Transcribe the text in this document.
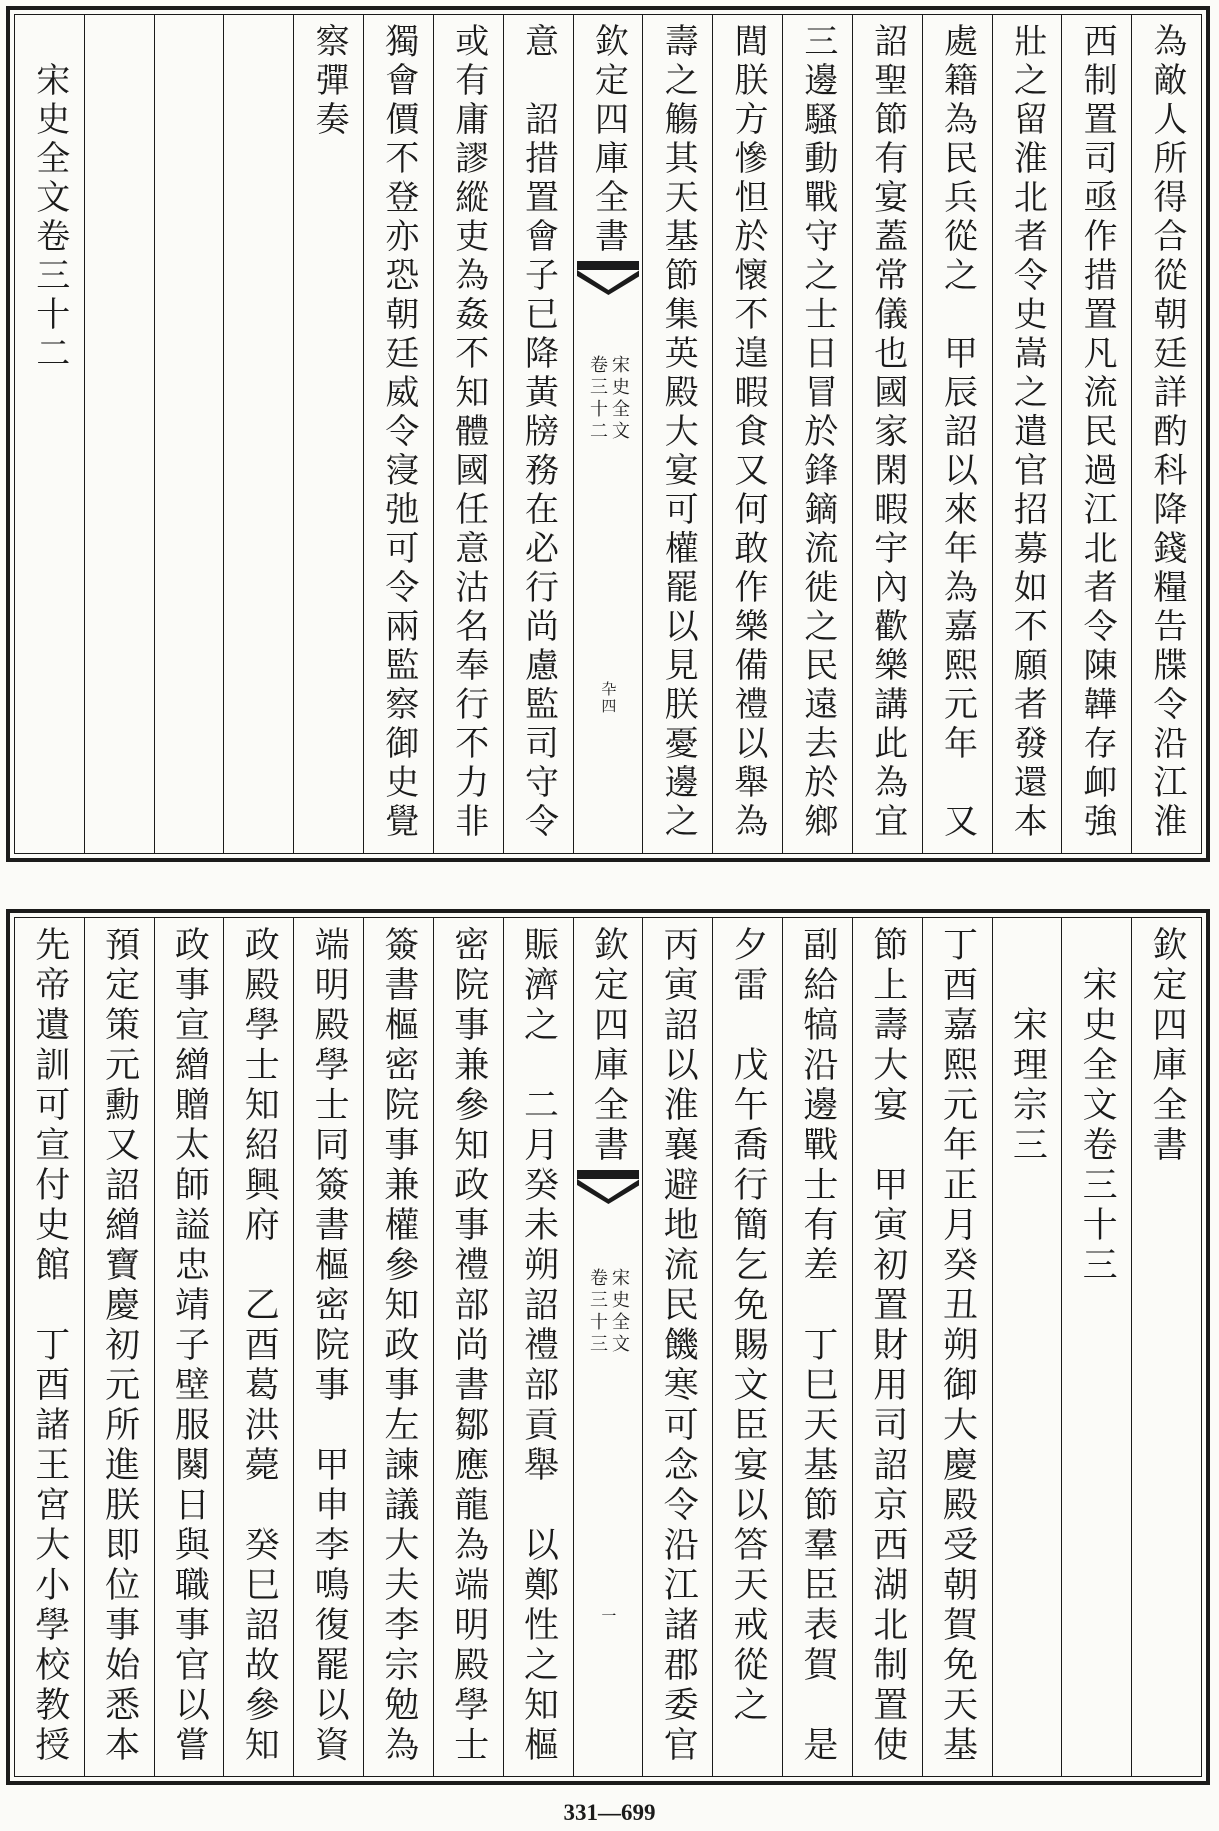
為敵人所得合從朝廷詳酌科降錢糧告牒令沿江淮
西制置司亟作措置凡流民過江北者令陳韡存卹強
壯之留淮北者令史嵩之遣官招募如不願者發還本
處籍為民兵從之　甲辰詔以來年為嘉熙元年　又
詔聖節有宴蓋常儀也國家閑暇宇內歡樂講此為宜
三邊騷動戰守之士日冒於鋒鏑流徙之民遠去於鄉
閭朕方慘怛於懷不遑暇食又何敢作樂備禮以舉為
壽之觴其天基節集英殿大宴可權罷以見朕憂邊之
欽定四庫全書
宋史全文
卷三十二
卆四
意　詔措置會子已降黃牓務在必行尚慮監司守令
或有庸謬縱吏為姦不知體國任意沽名奉行不力非
獨會價不登亦恐朝廷威令寖弛可令兩監察御史覺
察彈奏
宋史全文卷三十二
欽定四庫全書
宋史全文卷三十三
宋理宗三
丁酉嘉熙元年正月癸丑朔御大慶殿受朝賀免天基
節上壽大宴　甲寅初置財用司詔京西湖北制置使
副給犒沿邊戰士有差　丁巳天基節羣臣表賀　是
夕雷　戊午喬行簡乞免賜文臣宴以答天戒從之
丙寅詔以淮襄避地流民饑寒可念令沿江諸郡委官
欽定四庫全書
宋史全文
卷三十三
一
賑濟之　二月癸未朔詔禮部貢舉　以鄭性之知樞
密院事兼參知政事禮部尚書鄒應龍為端明殿學士
簽書樞密院事兼權參知政事左諫議大夫李宗勉為
端明殿學士同簽書樞密院事　甲申李鳴復罷以資
政殿學士知紹興府　乙酉葛洪薨　癸巳詔故參知
政事宣繒贈太師謚忠靖子壁服闋日與職事官以嘗
預定策元勳又詔繒寶慶初元所進朕即位事始悉本
先帝遺訓可宣付史館　丁酉諸王宮大小學校教授
331—699
